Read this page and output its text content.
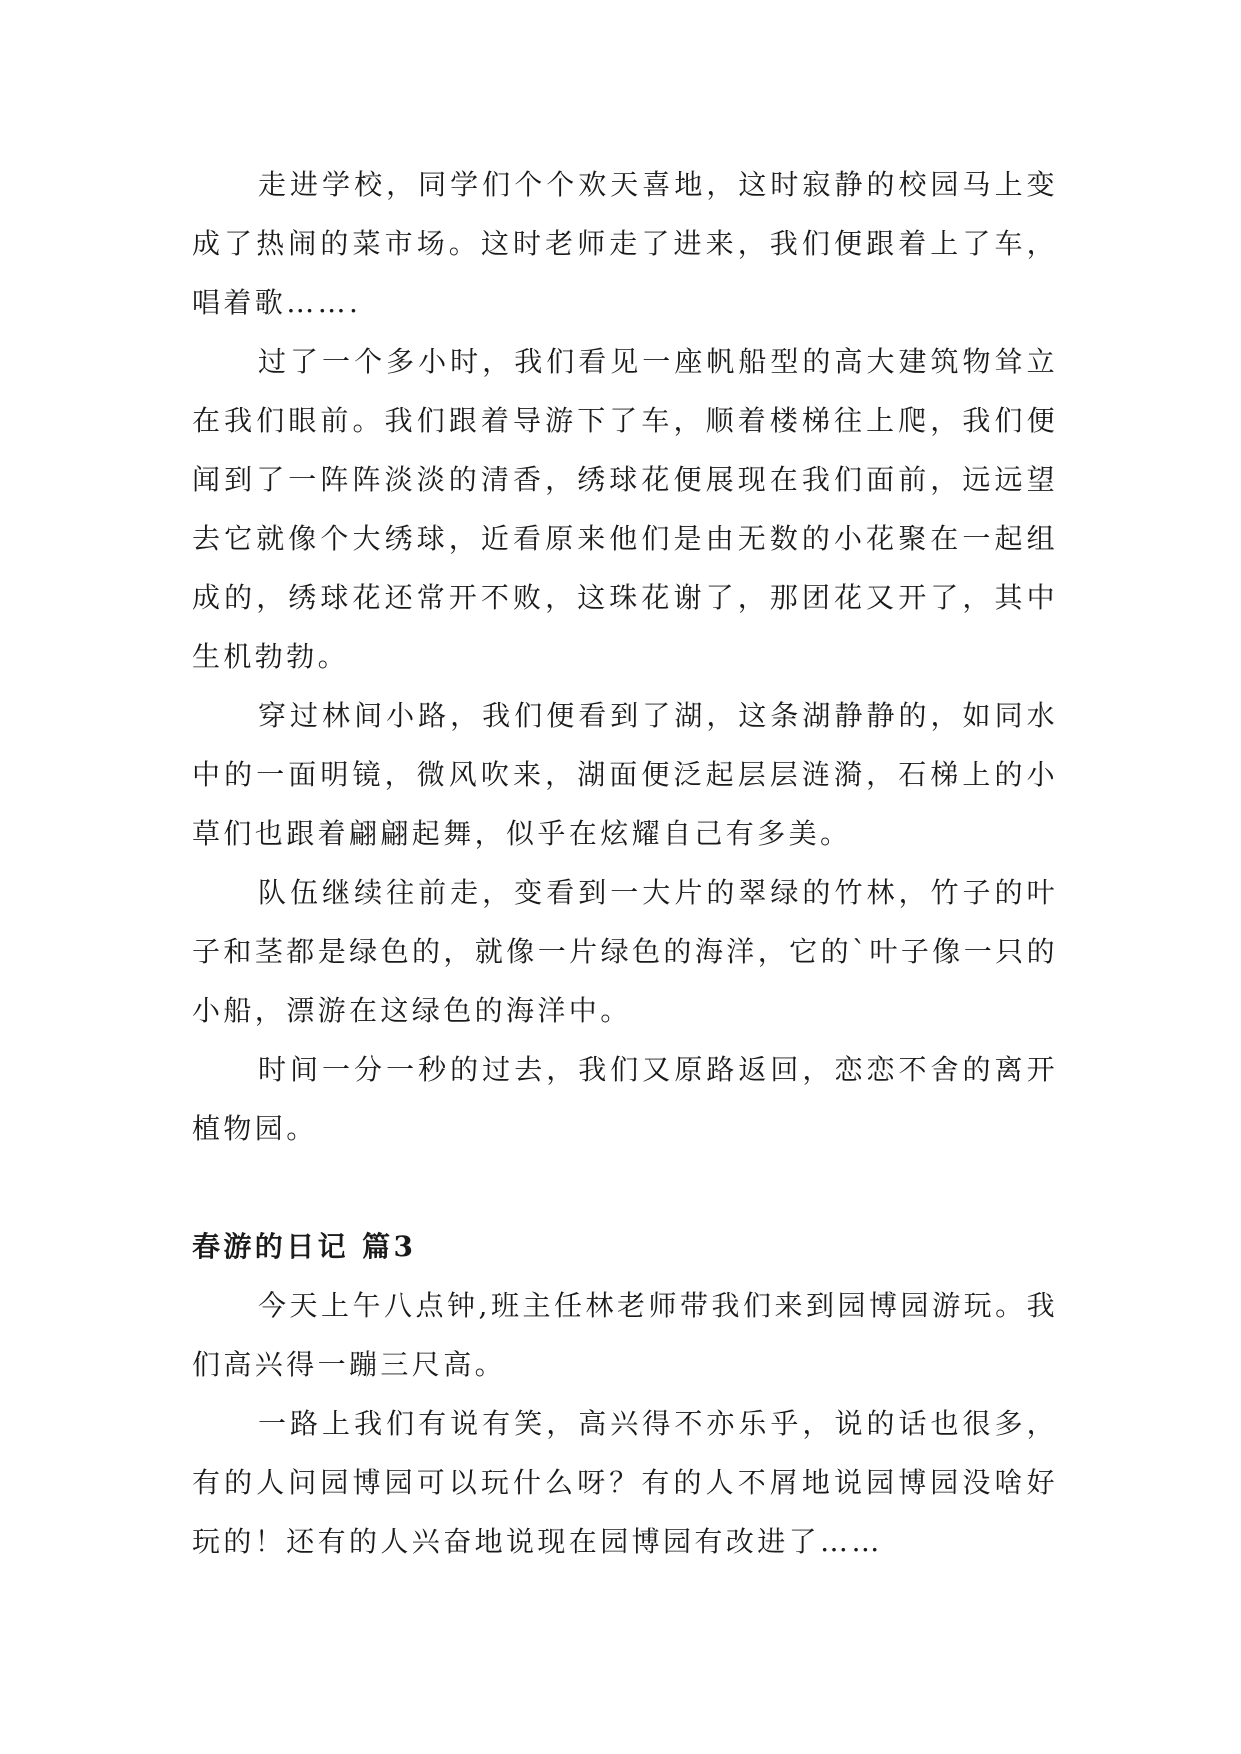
走进学校，同学们个个欢天喜地，这时寂静的校园马上变成了热闹的菜市场。这时老师走了进来，我们便跟着上了车，唱着歌…….

过了一个多小时，我们看见一座帆船型的高大建筑物耸立在我们眼前。我们跟着导游下了车，顺着楼梯往上爬，我们便闻到了一阵阵淡淡的清香，绣球花便展现在我们面前，远远望去它就像个大绣球，近看原来他们是由无数的小花聚在一起组成的，绣球花还常开不败，这珠花谢了，那团花又开了，其中生机勃勃。

穿过林间小路，我们便看到了湖，这条湖静静的，如同水中的一面明镜，微风吹来，湖面便泛起层层涟漪，石梯上的小草们也跟着翩翩起舞，似乎在炫耀自己有多美。

队伍继续往前走，变看到一大片的翠绿的竹林，竹子的叶子和茎都是绿色的，就像一片绿色的海洋，它的`叶子像一只的小船，漂游在这绿色的海洋中。

时间一分一秒的过去，我们又原路返回，恋恋不舍的离开植物园。

春游的日记 篇3

今天上午八点钟,班主任林老师带我们来到园博园游玩。我们高兴得一蹦三尺高。

一路上我们有说有笑，高兴得不亦乐乎，说的话也很多，有的人问园博园可以玩什么呀？有的人不屑地说园博园没啥好玩的！还有的人兴奋地说现在园博园有改进了……
